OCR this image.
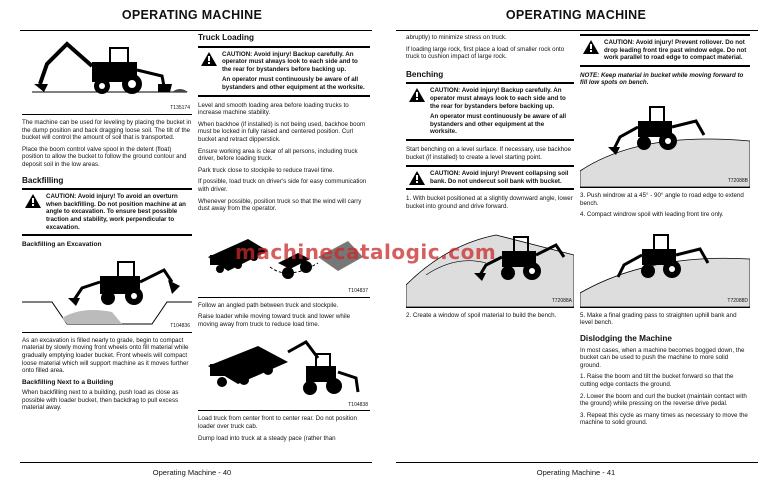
OPERATING MACHINE
T135174

The machine can be used for leveling by placing the bucket in the dump position and back dragging loose soil. The tilt of the bucket will control the amount of soil that is transported.

Place the boom control valve spool in the detent (float) position to allow the bucket to follow the ground contour and deposit soil in the low areas.

Backfilling
CAUTION: Avoid injury! To avoid an overturn when backfilling. Do not position machine at an angle to excavation. To ensure best possible traction and stability, work perpendicular to excavation.
Backfilling an Excavation
T104836

As an excavation is filled nearly to grade, begin to compact material by slowly moving front wheels onto fill material while gradually emptying loader bucket. Front wheels will compact loose material which will support machine as it moves further onto filled area.

Backfilling Next to a Building

When backfilling next to a building, push load as close as possible with loader bucket, then backdrag to pull excess material away.

Truck Loading
CAUTION: Avoid injury! Backup carefully. An operator must always look to each side and to the rear for bystanders before backing up.
An operator must continuously be aware of all bystanders and other equipment at the worksite.

Level and smooth loading area before loading trucks to increase machine stability.

When backhoe (if installed) is not being used, backhoe boom must be locked in fully raised and centered position. Curl bucket and retract dipperstick.

Ensure working area is clear of all persons, including truck driver, before loading truck.

Park truck close to stockpile to reduce travel time.

If possible, load truck on driver's side for easy communication with driver.

Whenever possible, position truck so that the wind will carry dust away from the operator.

T104837

Follow an angled path between truck and stockpile.

Raise loader while moving toward truck and lower while moving away from truck to reduce load time.

T104838

Load truck from center front to center rear. Do not position loader over truck cab.

Dump load into truck at a steady pace (rather than

Operating Machine - 40
OPERATING MACHINE

abruptly) to minimize stress on truck.

If loading large rock, first place a load of smaller rock onto truck to cushion impact of large rock.

Benching
CAUTION: Avoid injury! Backup carefully. An operator must always look to each side and to the rear for bystanders before backing up.
An operator must continuously be aware of all bystanders and other equipment at the worksite.

Start benching on a level surface. If necessary, use backhoe bucket (if installed) to create a level starting point.

CAUTION: Avoid injury! Prevent collapsing soil bank. Do not undercut soil bank with bucket.

1. With bucket positioned at a slightly downward angle, lower bucket into ground and drive forward.

T72088A

2. Create a window of spoil material to build the bench.

CAUTION: Avoid injury! Prevent rollover. Do not drop leading front tire past window edge. Do not work parallel to road edge to compact material.

NOTE: Keep material in bucket while moving forward to fill low spots on bench.

T72088B

3. Push windrow at a 45° - 90° angle to road edge to extend bench.

4. Compact windrow spoil with leading front tire only.

T72088D

5. Make a final grading pass to straighten uphill bank and level bench.

Dislodging the Machine

In most cases, when a machine becomes bogged down, the bucket can be used to push the machine to more solid ground.

1. Raise the boom and tilt the bucket forward so that the cutting edge contacts the ground.

2. Lower the boom and curl the bucket (maintain contact with the ground) while pressing on the reverse drive pedal.

3. Repeat this cycle as many times as necessary to move the machine to solid ground.

Operating Machine - 41
machinecatalogic.com
